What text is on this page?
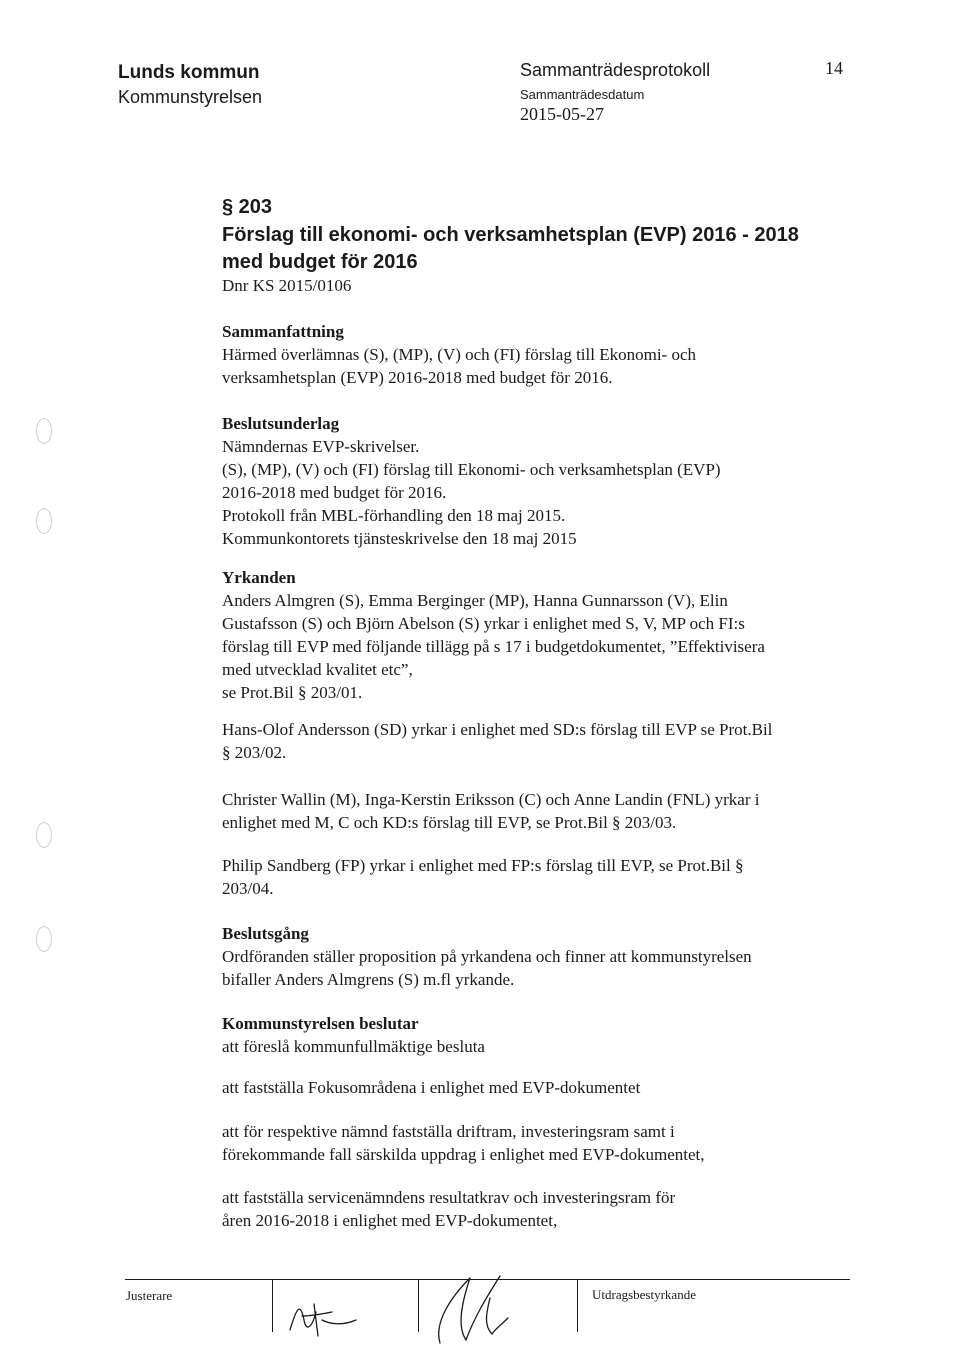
Lunds kommun
Kommunstyrelsen
Sammanträdesprotokoll
Sammanträdesdatum
2015-05-27
14
§ 203
Förslag till ekonomi- och verksamhetsplan (EVP) 2016 - 2018 med budget för 2016
Dnr KS 2015/0106
Sammanfattning
Härmed överlämnas (S), (MP), (V) och (FI) förslag till Ekonomi- och
verksamhetsplan (EVP) 2016-2018 med budget för 2016.
Beslutsunderlag
Nämndernas EVP-skrivelser.
(S), (MP), (V) och (FI) förslag till Ekonomi- och verksamhetsplan (EVP)
2016-2018 med budget för 2016.
Protokoll från MBL-förhandling den 18 maj 2015.
Kommunkontorets tjänsteskrivelse den 18 maj 2015
Yrkanden
Anders Almgren (S), Emma Berginger (MP), Hanna Gunnarsson (V), Elin
Gustafsson (S) och Björn Abelson (S) yrkar i enlighet med S, V, MP och FI:s
förslag till EVP med följande tillägg på s 17 i budgetdokumentet, ”Effektivisera
med utvecklad kvalitet etc”,
se Prot.Bil § 203/01.
Hans-Olof Andersson (SD) yrkar i enlighet med SD:s förslag till EVP se Prot.Bil
§ 203/02.
Christer Wallin (M), Inga-Kerstin Eriksson (C) och Anne Landin (FNL) yrkar i
enlighet med M, C och KD:s förslag till EVP, se Prot.Bil § 203/03.
Philip Sandberg (FP) yrkar i enlighet med FP:s förslag till EVP, se Prot.Bil §
203/04.
Beslutsgång
Ordföranden ställer proposition på yrkandena och finner att kommunstyrelsen
bifaller Anders Almgrens (S) m.fl yrkande.
Kommunstyrelsen beslutar
att föreslå kommunfullmäktige besluta
att fastställa Fokusområdena i enlighet med EVP-dokumentet
att för respektive nämnd fastställa driftram, investeringsram samt i
förekommande fall särskilda uppdrag i enlighet med EVP-dokumentet,
att fastställa servicenämndens resultatkrav och investeringsram för
åren 2016-2018 i enlighet med EVP-dokumentet,
Justerare	Utdragsbestyrkande
